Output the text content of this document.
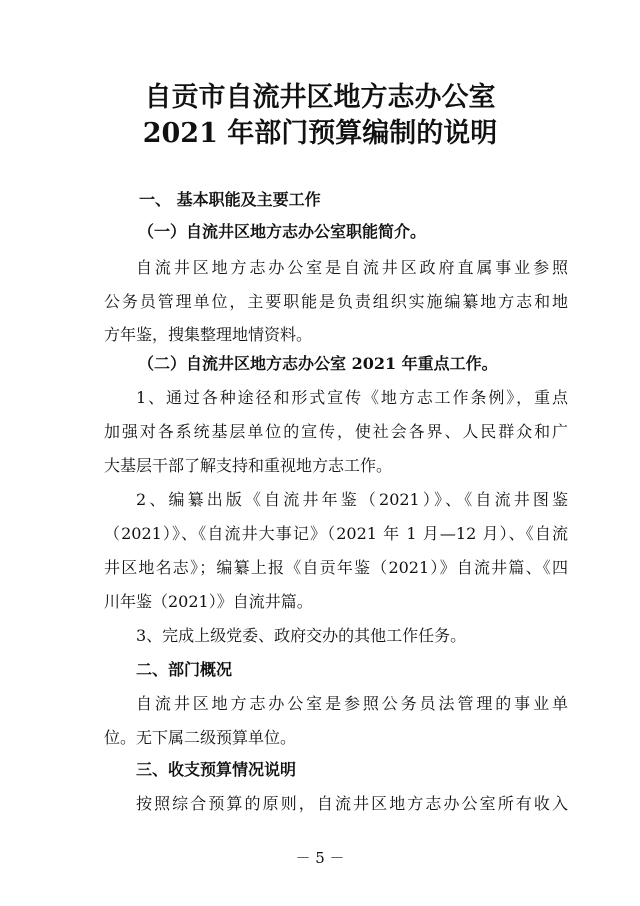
自贡市自流井区地方志办公室
2021 年部门预算编制的说明

一、 基本职能及主要工作

（一）自流井区地方志办公室职能简介。

自流井区地方志办公室是自流井区政府直属事业参照

公务员管理单位，主要职能是负责组织实施编纂地方志和地

方年鉴，搜集整理地情资料。

（二）自流井区地方志办公室 2021 年重点工作。

1、通过各种途径和形式宣传《地方志工作条例》，重点

加强对各系统基层单位的宣传，使社会各界、人民群众和广

大基层干部了解支持和重视地方志工作。

2、编纂出版《自流井年鉴（2021）》、《自流井图鉴

（2021）》、《自流井大事记》（2021 年 1 月—12 月）、《自流

井区地名志》；编纂上报《自贡年鉴（2021）》自流井篇、《四

川年鉴（2021）》自流井篇。

3、完成上级党委、政府交办的其他工作任务。

二、部门概况

自流井区地方志办公室是参照公务员法管理的事业单

位。无下属二级预算单位。

三、收支预算情况说明

按照综合预算的原则，自流井区地方志办公室所有收入

－ 5 －
